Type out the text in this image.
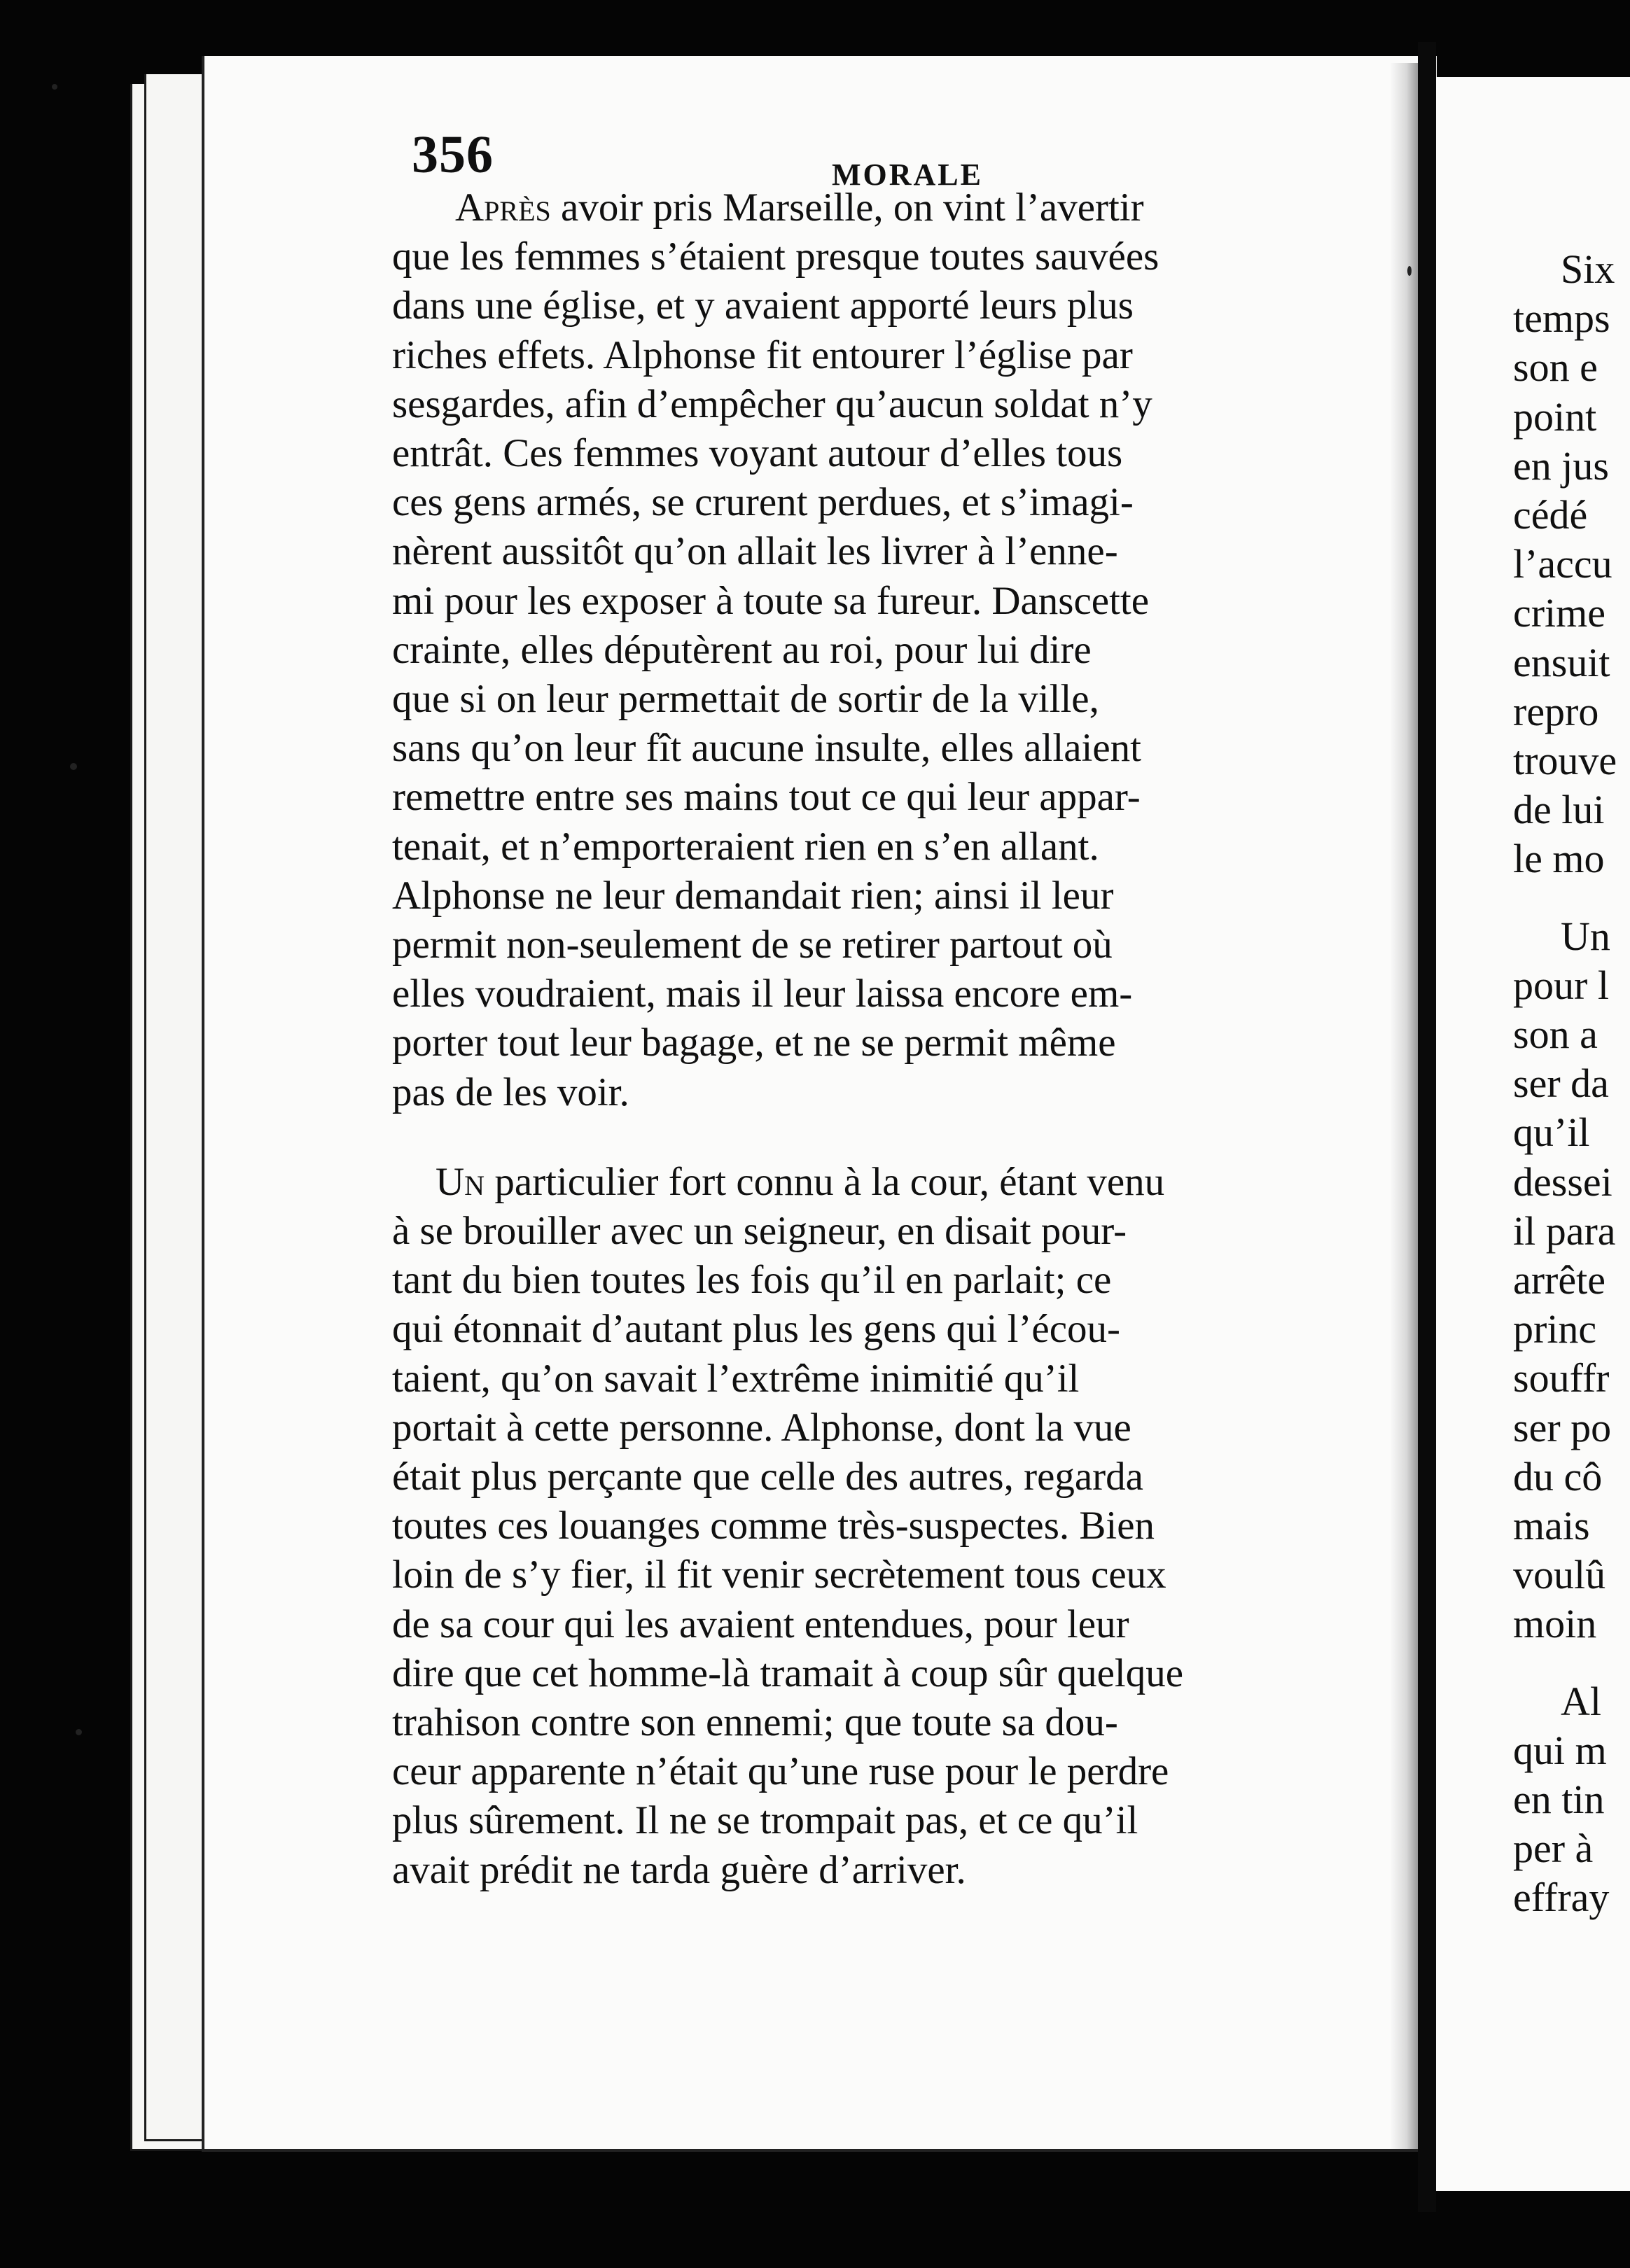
Six
temps
son e
point
en jus
cédé
l’accu
crime
ensuit
repro
trouve
de lui
le mo
Un
pour l
son a
ser da
qu’il
dessei
il para
arrête
princ
souffr
ser po
du cô
mais
voulû
moin
Al
qui m
en tin
per à
effray
356	MORALE
Après avoir pris Marseille, on vint l’avertir
que les femmes s’étaient presque toutes sauvées
dans une église, et y avaient apporté leurs plus
riches effets. Alphonse fit entourer l’église par
sesgardes, afin d’empêcher qu’aucun soldat n’y
entrât. Ces femmes voyant autour d’elles tous
ces gens armés, se crurent perdues, et s’imagi-
nèrent aussitôt qu’on allait les livrer à l’enne-
mi pour les exposer à toute sa fureur. Danscette
crainte, elles députèrent au roi, pour lui dire
que si on leur permettait de sortir de la ville,
sans qu’on leur fît aucune insulte, elles allaient
remettre entre ses mains tout ce qui leur appar-
tenait, et n’emporteraient rien en s’en allant.
Alphonse ne leur demandait rien; ainsi il leur
permit non-seulement de se retirer partout où
elles voudraient, mais il leur laissa encore em-
porter tout leur bagage, et ne se permit même
pas de les voir.
Un particulier fort connu à la cour, étant venu
à se brouiller avec un seigneur, en disait pour-
tant du bien toutes les fois qu’il en parlait; ce
qui étonnait d’autant plus les gens qui l’écou-
taient, qu’on savait l’extrême inimitié qu’il
portait à cette personne. Alphonse, dont la vue
était plus perçante que celle des autres, regarda
toutes ces louanges comme très-suspectes. Bien
loin de s’y fier, il fit venir secrètement tous ceux
de sa cour qui les avaient entendues, pour leur
dire que cet homme-là tramait à coup sûr quelque
trahison contre son ennemi; que toute sa dou-
ceur apparente n’était qu’une ruse pour le perdre
plus sûrement. Il ne se trompait pas, et ce qu’il
avait prédit ne tarda guère d’arriver.
